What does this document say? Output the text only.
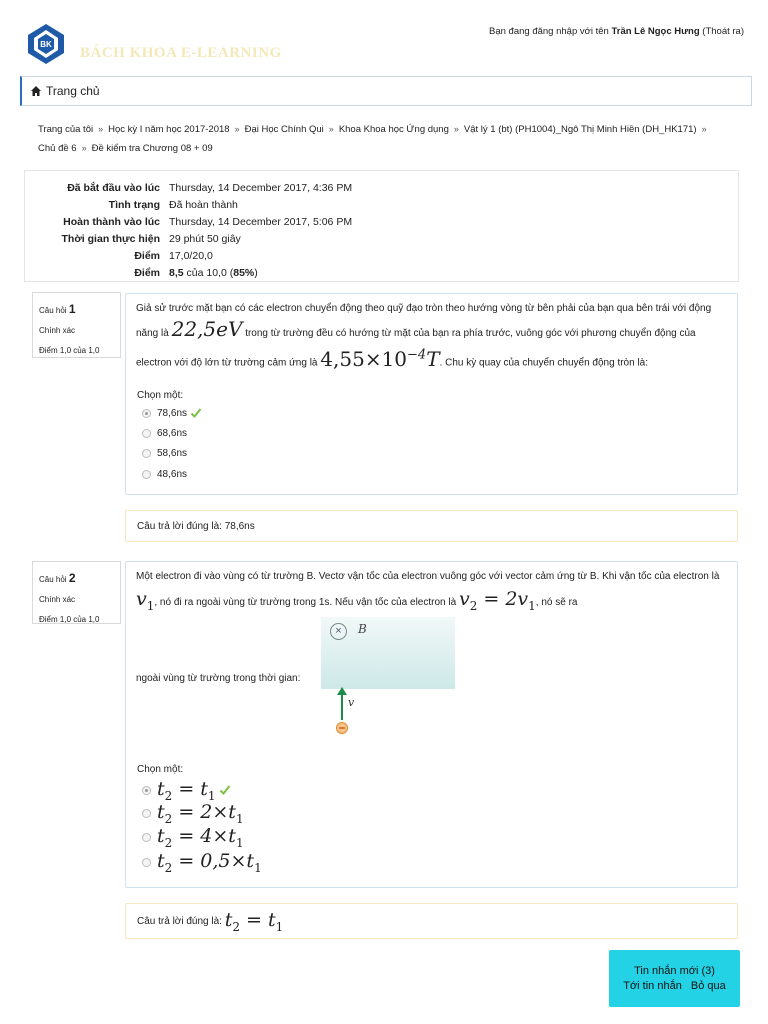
BK BÁCH KHOA E-LEARNING
Bạn đang đăng nhập với tên Trần Lê Ngọc Hưng (Thoát ra)
Trang chủ
Trang của tôi » Học kỳ I năm học 2017-2018 » Đại Học Chính Qui » Khoa Khoa học Ứng dụng » Vật lý 1 (bt) (PH1004)_Ngô Thị Minh Hiền (DH_HK171) »
Chủ đề 6 » Đề kiểm tra Chương 08 + 09
Đã bắt đầu vào lúc	Thursday, 14 December 2017, 4:36 PM
Tình trạng	Đã hoàn thành
Hoàn thành vào lúc	Thursday, 14 December 2017, 5:06 PM
Thời gian thực hiện	29 phút 50 giây
Điểm	17,0/20,0
Điểm	8,5 của 10,0 (85%)
Câu hỏi 1
Chính xác
Điểm 1,0 của 1,0
Giả sử trước mặt bạn có các electron chuyển động theo quỹ đạo tròn theo hướng vòng từ bên phải của bạn qua bên trái với động năng là 22,5eV trong từ trường đều có hướng từ mặt của bạn ra phía trước, vuông góc với phương chuyển động của electron với độ lớn từ trường cảm ứng là $4,55\times 10^{-4}T$. Chu kỳ quay của chuyển chuyển động tròn là:
Chọn một:
78,6ns
68,6ns
58,6ns
48,6ns
Câu trả lời đúng là: 78,6ns
Câu hỏi 2
Chính xác
Điểm 1,0 của 1,0
Một electron đi vào vùng có từ trường B. Vectơ vận tốc của electron vuông góc với vector cảm ứng từ B. Khi vận tốc của electron là $v_1$, nó đi ra ngoài vùng từ trường trong 1s. Nếu vận tốc của electron là $v_2 = 2v_1$, nó sẽ ra
ngoài vùng từ trường trong thời gian:
Chọn một:
$t_2 = t_1$
$t_2 = 2\times t_1$
$t_2 = 4\times t_1$
$t_2 = 0,5\times t_1$
×	B
v
Câu trả lời đúng là:
$t_2 = t_1$
Tin nhắn mới (3)
Tới tin nhắn Bỏ qua
